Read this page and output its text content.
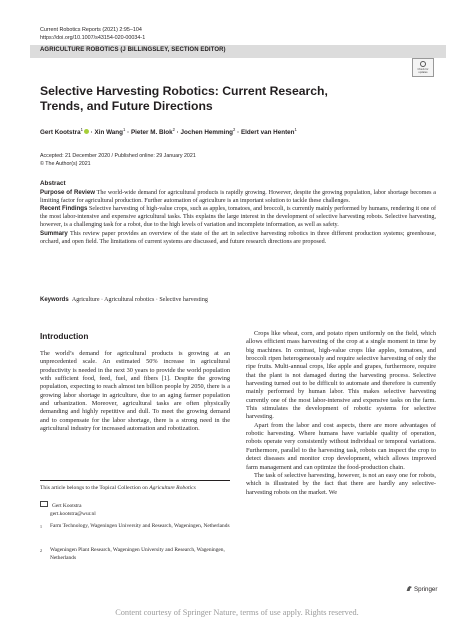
Current Robotics Reports (2021) 2:95–104
https://doi.org/10.1007/s43154-020-00034-1
AGRICULTURE ROBOTICS (J BILLINGSLEY, SECTION EDITOR)
Check for
updates
Selective Harvesting Robotics: Current Research, Trends, and Future Directions
Gert Kootstra$^1$ · Xin Wang$^1$ · Pieter M. Blok$^2$ · Jochen Hemming$^2$ · Eldert van Henten$^1$
Accepted: 21 December 2020 / Published online: 29 January 2021
© The Author(s) 2021
Abstract

Purpose of Review The world-wide demand for agricultural products is rapidly growing. However, despite the growing population, labor shortage becomes a limiting factor for agricultural production. Further automation of agriculture is an important solution to tackle these challenges.

Recent Findings Selective harvesting of high-value crops, such as apples, tomatoes, and broccoli, is currently mainly performed by humans, rendering it one of the most labor-intensive and expensive agricultural tasks. This explains the large interest in the development of selective harvesting robots. Selective harvesting, however, is a challenging task for a robot, due to the high levels of variation and incomplete information, as well as safety.

Summary This review paper provides an overview of the state of the art in selective harvesting robotics in three different production systems; greenhouse, orchard, and open field. The limitations of current systems are discussed, and future research directions are proposed.

Keywords Agriculture · Agricultural robotics · Selective harvesting
Introduction

The world’s demand for agricultural products is growing at an unprecedented scale. An estimated 50% increase in agricultural productivity is needed in the next 30 years to provide the world population with sufficient food, feed, fuel, and fibers [1]. Despite the growing population, expecting to reach almost ten billion people by 2050, there is a growing labor shortage in agriculture, due to an aging farmer population and urbanization. Moreover, agricultural tasks are often physically demanding and highly repetitive and dull. To meet the growing demand and to compensate for the labor shortage, there is a strong need in the agricultural industry for increased automation and robotization.

This article belongs to the Topical Collection on Agriculture Robotics
Gert Kootstra
gert.kootstra@wur.nl
1	Farm Technology, Wageningen University and Research, Wageningen, Netherlands
2	Wageningen Plant Research, Wageningen University and Research, Wageningen, Netherlands

Crops like wheat, corn, and potato ripen uniformly on the field, which allows efficient mass harvesting of the crop at a single moment in time by big machines. In contrast, high-value crops like apples, tomatoes, and broccoli ripen heterogeneously and require selective harvesting of only the ripe fruits. Multi-annual crops, like apple and grapes, furthermore, require that the plant is not damaged during the harvesting process. Selective harvesting turned out to be difficult to automate and therefore is currently mainly performed by human labor. This makes selective harvesting currently one of the most labor-intensive and expensive tasks on the farm. This stimulates the development of robotic systems for selective harvesting.

Apart from the labor and cost aspects, there are more advantages of robotic harvesting. Where humans have variable quality of operation, robots operate very consistently without individual or temporal variations. Furthermore, parallel to the harvesting task, robots can inspect the crop to detect diseases and monitor crop development, which allows improved farm management and can optimize the food-production chain.

The task of selective harvesting, however, is not an easy one for robots, which is illustrated by the fact that there are hardly any selective-harvesting robots on the market. We

Springer
Content courtesy of Springer Nature, terms of use apply. Rights reserved.
